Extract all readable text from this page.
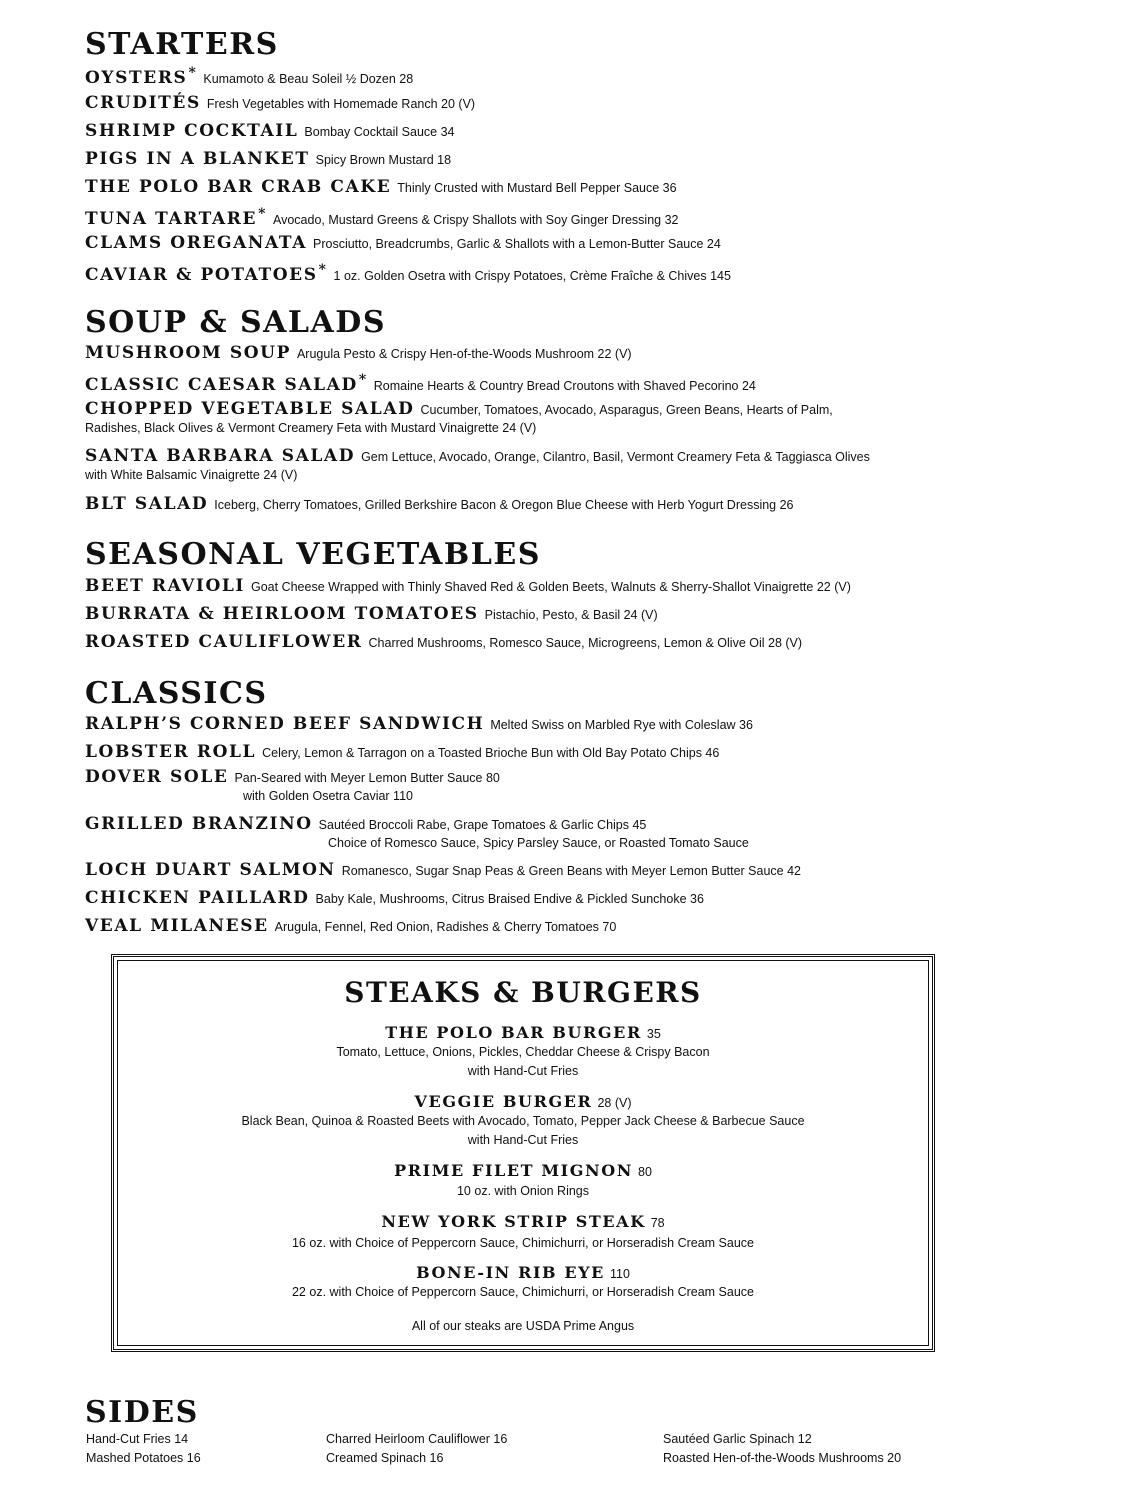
STARTERS
OYSTERS* Kumamoto & Beau Soleil ½ Dozen 28
CRUDITÉS Fresh Vegetables with Homemade Ranch 20 (V)
SHRIMP COCKTAIL Bombay Cocktail Sauce 34
PIGS IN A BLANKET Spicy Brown Mustard 18
THE POLO BAR CRAB CAKE Thinly Crusted with Mustard Bell Pepper Sauce 36
TUNA TARTARE* Avocado, Mustard Greens & Crispy Shallots with Soy Ginger Dressing 32
CLAMS OREGANATA Prosciutto, Breadcrumbs, Garlic & Shallots with a Lemon-Butter Sauce 24
CAVIAR & POTATOES* 1 oz. Golden Osetra with Crispy Potatoes, Crème Fraîche & Chives 145
SOUP & SALADS
MUSHROOM SOUP Arugula Pesto & Crispy Hen-of-the-Woods Mushroom 22 (V)
CLASSIC CAESAR SALAD* Romaine Hearts & Country Bread Croutons with Shaved Pecorino 24
CHOPPED VEGETABLE SALAD Cucumber, Tomatoes, Avocado, Asparagus, Green Beans, Hearts of Palm,
Radishes, Black Olives & Vermont Creamery Feta with Mustard Vinaigrette 24 (V)
SANTA BARBARA SALAD Gem Lettuce, Avocado, Orange, Cilantro, Basil, Vermont Creamery Feta & Taggiasca Olives
with White Balsamic Vinaigrette 24 (V)
BLT SALAD Iceberg, Cherry Tomatoes, Grilled Berkshire Bacon & Oregon Blue Cheese with Herb Yogurt Dressing 26
SEASONAL VEGETABLES
BEET RAVIOLI Goat Cheese Wrapped with Thinly Shaved Red & Golden Beets, Walnuts & Sherry-Shallot Vinaigrette 22 (V)
BURRATA & HEIRLOOM TOMATOES Pistachio, Pesto, & Basil 24 (V)
ROASTED CAULIFLOWER Charred Mushrooms, Romesco Sauce, Microgreens, Lemon & Olive Oil 28 (V)
CLASSICS
RALPH’S CORNED BEEF SANDWICH Melted Swiss on Marbled Rye with Coleslaw 36
LOBSTER ROLL Celery, Lemon & Tarragon on a Toasted Brioche Bun with Old Bay Potato Chips 46
DOVER SOLE Pan-Seared with Meyer Lemon Butter Sauce 80
with Golden Osetra Caviar 110
GRILLED BRANZINO Sautéed Broccoli Rabe, Grape Tomatoes & Garlic Chips 45
Choice of Romesco Sauce, Spicy Parsley Sauce, or Roasted Tomato Sauce
LOCH DUART SALMON Romanesco, Sugar Snap Peas & Green Beans with Meyer Lemon Butter Sauce 42
CHICKEN PAILLARD Baby Kale, Mushrooms, Citrus Braised Endive & Pickled Sunchoke 36
VEAL MILANESE Arugula, Fennel, Red Onion, Radishes & Cherry Tomatoes 70
STEAKS & BURGERS
THE POLO BAR BURGER 35
Tomato, Lettuce, Onions, Pickles, Cheddar Cheese & Crispy Bacon
with Hand-Cut Fries
VEGGIE BURGER 28 (V)
Black Bean, Quinoa & Roasted Beets with Avocado, Tomato, Pepper Jack Cheese & Barbecue Sauce
with Hand-Cut Fries
PRIME FILET MIGNON 80
10 oz. with Onion Rings
NEW YORK STRIP STEAK 78
16 oz. with Choice of Peppercorn Sauce, Chimichurri, or Horseradish Cream Sauce
BONE-IN RIB EYE 110
22 oz. with Choice of Peppercorn Sauce, Chimichurri, or Horseradish Cream Sauce
All of our steaks are USDA Prime Angus
SIDES
Hand-Cut Fries 14
Mashed Potatoes 16
Charred Heirloom Cauliflower 16
Creamed Spinach 16
Sautéed Garlic Spinach 12
Roasted Hen-of-the-Woods Mushrooms 20
